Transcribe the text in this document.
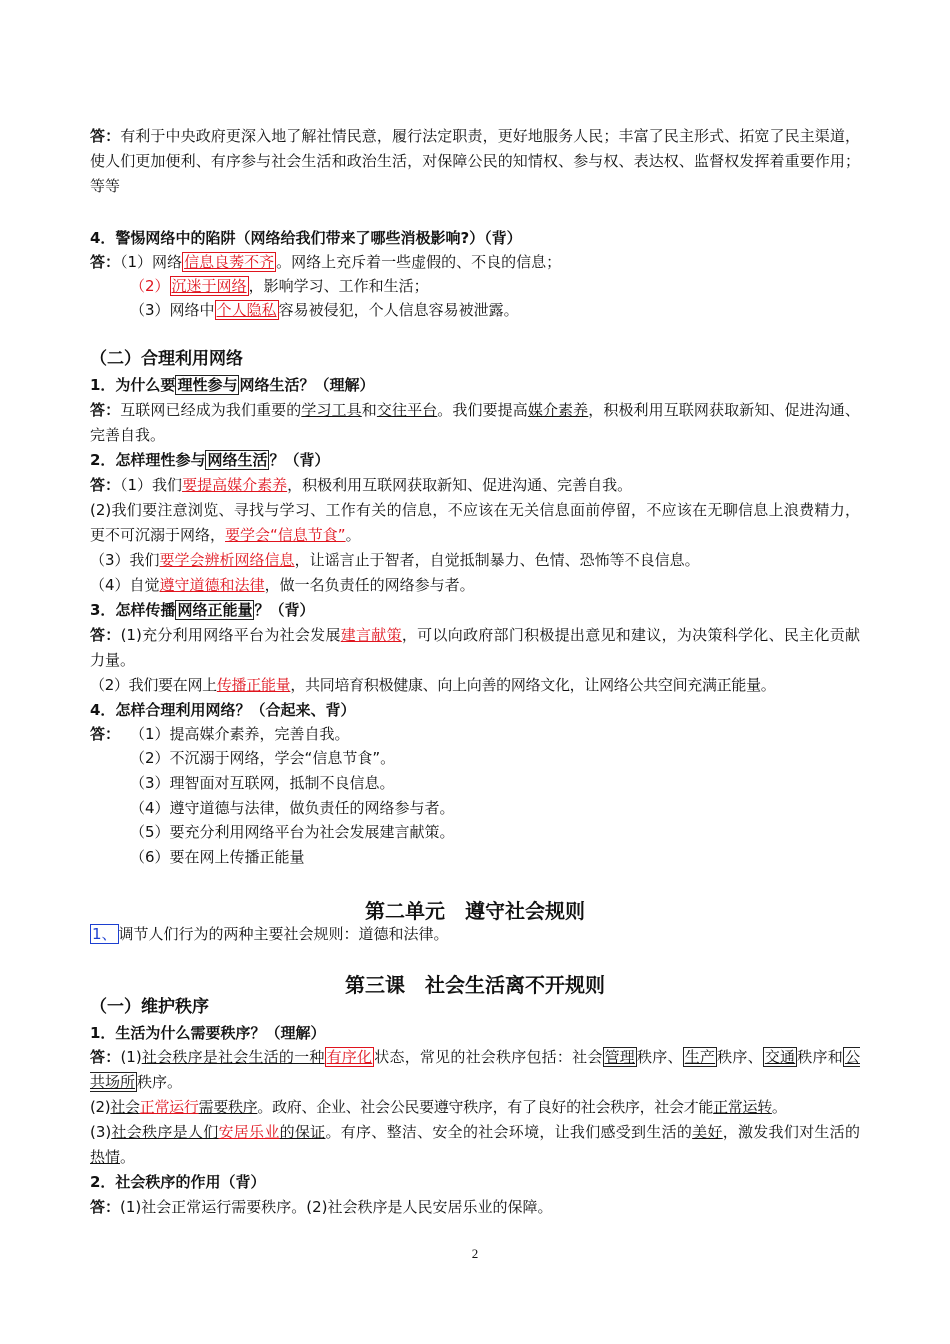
答：有利于中央政府更深入地了解社情民意，履行法定职责，更好地服务人民；丰富了民主形式、拓宽了民主渠道，使人们更加便利、有序参与社会生活和政治生活，对保障公民的知情权、参与权、表达权、监督权发挥着重要作用；等等
4．警惕网络中的陷阱（网络给我们带来了哪些消极影响?）（背）
答：（1）网络 信息良莠不齐 。网络上充斥着一些虚假的、不良的信息；
（2） 沉迷于网络 ，影响学习、工作和生活；
（3）网络中 个人隐私 容易被侵犯，个人信息容易被泄露。
（二）合理利用网络
1．为什么要 理性参与 网络生活？（理解）
答：互联网已经成为我们重要的学习工具和交往平台。我们要提高媒介素养，积极利用互联网获取新知、促进沟通、完善自我。
2．怎样理性参与 网络生活 ？（背）
答：（1）我们要提高媒介素养，积极利用互联网获取新知、促进沟通、完善自我。
(2)我们要注意浏览、寻找与学习、工作有关的信息，不应该在无关信息面前停留，不应该在无聊信息上浪费精力，更不可沉溺于网络，要学会“信息节食”。
（3）我们要学会辨析网络信息，让谣言止于智者，自觉抵制暴力、色情、恐怖等不良信息。
（4）自觉遵守道德和法律，做一名负责任的网络参与者。
3．怎样传播 网络正能量 ？（背）
答：(1)充分利用网络平台为社会发展建言献策，可以向政府部门积极提出意见和建议，为决策科学化、民主化贡献力量。
（2）我们要在网上传播正能量，共同培育积极健康、向上向善的网络文化，让网络公共空间充满正能量。
4．怎样合理利用网络？（合起来、背）
答： （1）提高媒介素养，完善自我。
（2）不沉溺于网络，学会“信息节食”。
（3）理智面对互联网，抵制不良信息。
（4）遵守道德与法律，做负责任的网络参与者。
（5）要充分利用网络平台为社会发展建言献策。
（6）要在网上传播正能量
第二单元　遵守社会规则
1、 调节人们行为的两种主要社会规则：道德和法律。
第三课　社会生活离不开规则
（一）维护秩序
1．生活为什么需要秩序？（理解）
答：(1)社会秩序是社会生活的一种 有序化 状态，常见的社会秩序包括：社会 管理 秩序、 生产 秩序、 交通 秩序和 公共场所 秩序。
(2)社会正常运行需要秩序。政府、企业、社会公民要遵守秩序，有了良好的社会秩序，社会才能正常运转。
(3)社会秩序是人们安居乐业的保证。有序、整洁、安全的社会环境，让我们感受到生活的美好，激发我们对生活的热情。
2．社会秩序的作用（背）
答：(1)社会正常运行需要秩序。(2)社会秩序是人民安居乐业的保障。
2
